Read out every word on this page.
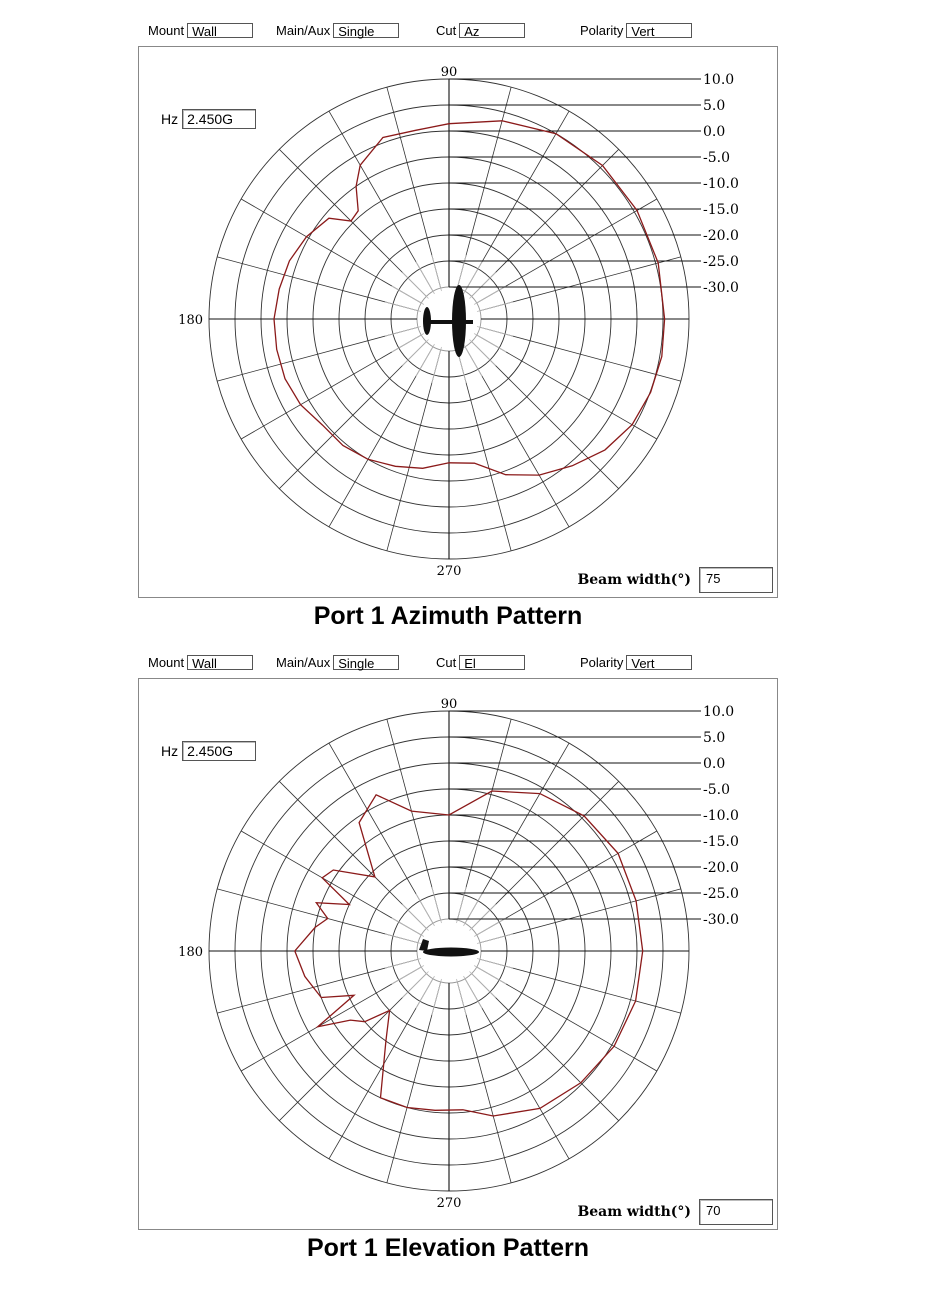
Mount Wall	Main/Aux Single	Cut Az	Polarity Vert
10.0
5.0
0.0
-5.0
-10.0
-15.0
-20.0
-25.0
-30.0
90
180
270
Hz 2.450G
Beam width(°)	75
Port 1 Azimuth Pattern
Mount Wall	Main/Aux Single	Cut El	Polarity Vert
10.0
5.0
0.0
-5.0
-10.0
-15.0
-20.0
-25.0
-30.0
90
180
270
Hz 2.450G
Beam width(°)	70
Port 1 Elevation Pattern
